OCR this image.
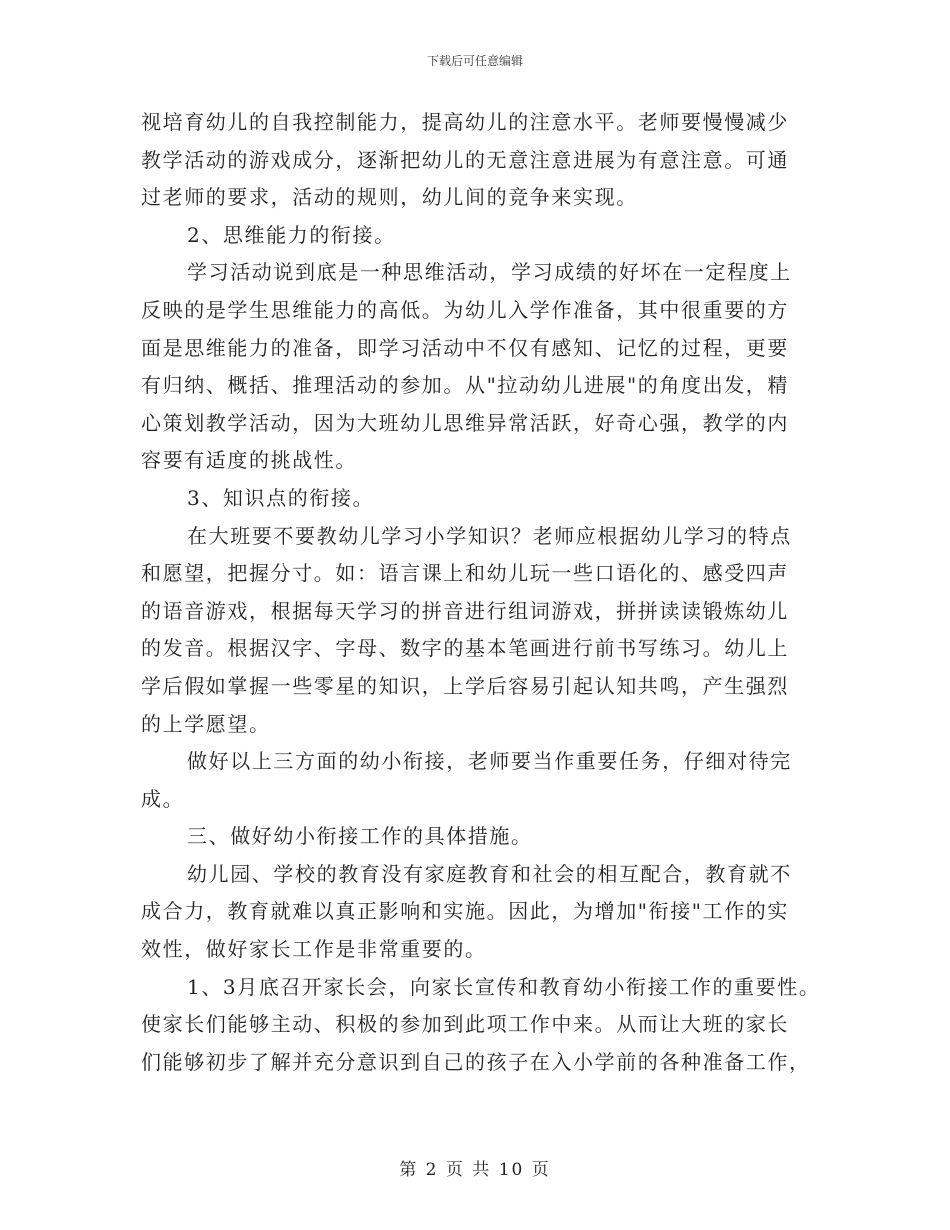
下载后可任意编辑
视培育幼儿的自我控制能力，提高幼儿的注意水平。老师要慢慢减少
教学活动的游戏成分，逐渐把幼儿的无意注意进展为有意注意。可通
过老师的要求，活动的规则，幼儿间的竞争来实现。
2、思维能力的衔接。
学习活动说到底是一种思维活动，学习成绩的好坏在一定程度上
反映的是学生思维能力的高低。为幼儿入学作准备，其中很重要的方
面是思维能力的准备，即学习活动中不仅有感知、记忆的过程，更要
有归纳、概括、推理活动的参加。从"拉动幼儿进展"的角度出发，精
心策划教学活动，因为大班幼儿思维异常活跃，好奇心强，教学的内
容要有适度的挑战性。
3、知识点的衔接。
在大班要不要教幼儿学习小学知识？老师应根据幼儿学习的特点
和愿望，把握分寸。如：语言课上和幼儿玩一些口语化的、感受四声
的语音游戏，根据每天学习的拼音进行组词游戏，拼拼读读锻炼幼儿
的发音。根据汉字、字母、数字的基本笔画进行前书写练习。幼儿上
学后假如掌握一些零星的知识，上学后容易引起认知共鸣，产生强烈
的上学愿望。
做好以上三方面的幼小衔接，老师要当作重要任务，仔细对待完
成。
三、做好幼小衔接工作的具体措施。
幼儿园、学校的教育没有家庭教育和社会的相互配合，教育就不
成合力，教育就难以真正影响和实施。因此，为增加"衔接"工作的实
效性，做好家长工作是非常重要的。
1、3月底召开家长会，向家长宣传和教育幼小衔接工作的重要性。
使家长们能够主动、积极的参加到此项工作中来。从而让大班的家长
们能够初步了解并充分意识到自己的孩子在入小学前的各种准备工作，
第 2 页 共 10 页
